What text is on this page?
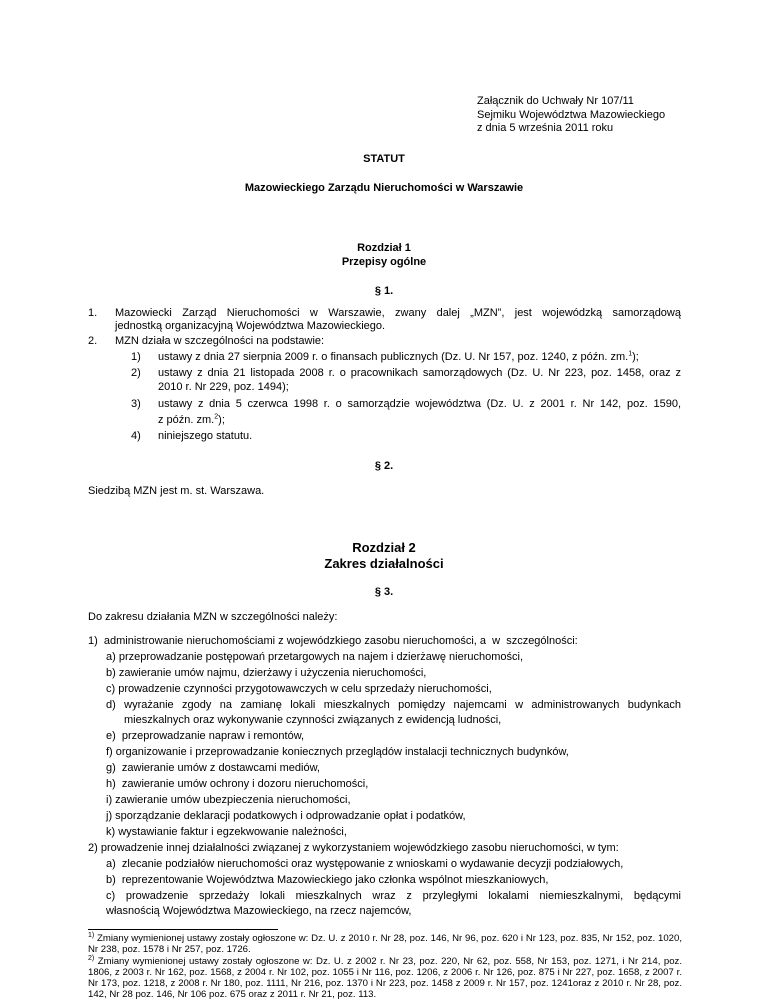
Załącznik do Uchwały Nr 107/11
Sejmiku Województwa Mazowieckiego
z dnia 5 września 2011 roku
STATUT
Mazowieckiego Zarządu Nieruchomości w Warszawie
Rozdział 1
Przepisy ogólne
§ 1.
1. Mazowiecki Zarząd Nieruchomości w Warszawie, zwany dalej „MZN”, jest wojewódzką samorządową
jednostką organizacyjną Województwa Mazowieckiego.
2. MZN działa w szczególności na podstawie:
1) ustawy z dnia 27 sierpnia 2009 r. o finansach publicznych (Dz. U. Nr 157, poz. 1240, z późn. zm.$^1$);
2) ustawy z dnia 21 listopada 2008 r. o pracownikach samorządowych (Dz. U. Nr 223, poz. 1458, oraz z
2010 r. Nr 229, poz. 1494);
3) ustawy z dnia 5 czerwca 1998 r. o samorządzie województwa (Dz. U. z 2001 r. Nr 142, poz. 1590,
z późn. zm.$^2$);
4) niniejszego statutu.
§ 2.
Siedzibą MZN jest m. st. Warszawa.
Rozdział 2
Zakres działalności
§ 3.
Do zakresu działania MZN w szczególności należy:
1)  administrowanie nieruchomościami z wojewódzkiego zasobu nieruchomości, a  w  szczególności:
a) przeprowadzanie postępowań przetargowych na najem i dzierżawę nieruchomości,
b) zawieranie umów najmu, dzierżawy i użyczenia nieruchomości,
c) prowadzenie czynności przygotowawczych w celu sprzedaży nieruchomości,
d) wyrażanie zgody na zamianę lokali mieszkalnych pomiędzy najemcami w administrowanych budynkach
mieszkalnych oraz wykonywanie czynności związanych z ewidencją ludności,
e)  przeprowadzanie napraw i remontów,
f) organizowanie i przeprowadzanie koniecznych przeglądów instalacji technicznych budynków,
g)  zawieranie umów z dostawcami mediów,
h)  zawieranie umów ochrony i dozoru nieruchomości,
i) zawieranie umów ubezpieczenia nieruchomości,
j) sporządzanie deklaracji podatkowych i odprowadzanie opłat i podatków,
k) wystawianie faktur i egzekwowanie należności,
2) prowadzenie innej działalności związanej z wykorzystaniem wojewódzkiego zasobu nieruchomości, w tym:
a)  zlecanie podziałów nieruchomości oraz występowanie z wnioskami o wydawanie decyzji podziałowych,
b)  reprezentowanie Województwa Mazowieckiego jako członka wspólnot mieszkaniowych,
c) prowadzenie sprzedaży lokali mieszkalnych wraz z przyległymi lokalami niemieszkalnymi, będącymi
własnością Województwa Mazowieckiego, na rzecz najemców,
$^{1)}$ Zmiany wymienionej ustawy zostały ogłoszone w: Dz. U. z 2010 r. Nr 28, poz. 146, Nr 96, poz. 620 i Nr 123, poz. 835, Nr 152, poz. 1020, Nr 238, poz. 1578 i Nr 257, poz. 1726.
$^{2)}$ Zmiany wymienionej ustawy zostały ogłoszone w: Dz. U. z 2002 r. Nr 23, poz. 220, Nr 62, poz. 558, Nr 153, poz. 1271, i Nr 214, poz. 1806, z 2003 r. Nr 162, poz. 1568, z 2004 r. Nr 102, poz. 1055 i Nr 116, poz. 1206, z 2006 r. Nr 126, poz. 875 i Nr 227, poz. 1658, z 2007 r. Nr 173, poz. 1218, z 2008 r. Nr 180, poz. 1111, Nr 216, poz. 1370 i Nr 223, poz. 1458 z 2009 r. Nr 157, poz. 1241oraz z 2010 r. Nr 28, poz. 142, Nr 28 poz. 146, Nr 106 poz. 675 oraz z 2011 r. Nr 21, poz. 113.
